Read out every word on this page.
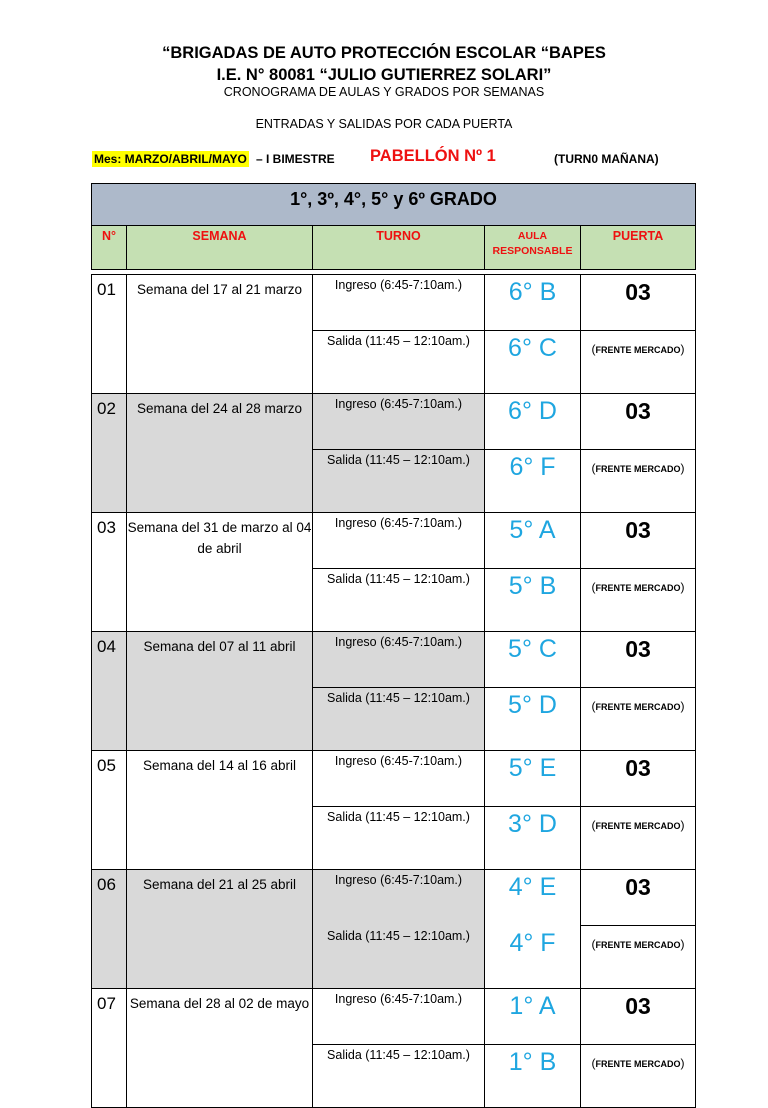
“BRIGADAS DE AUTO PROTECCIÓN ESCOLAR “BAPES
I.E. N° 80081 “JULIO GUTIERREZ SOLARI”
CRONOGRAMA DE AULAS Y GRADOS POR SEMANAS
ENTRADAS Y SALIDAS POR CADA PUERTA
Mes: MARZO/ABRIL/MAYO – I BIMESTRE PABELLÓN Nº 1	(TURN0 MAÑANA)
1°, 3º, 4°, 5° y 6º GRADO				
N°	SEMANA	TURNO	AULA RESPONSABLE	PUERTA

01	Semana del 17 al 21 marzo	Ingreso (6:45-7:10am.)	6° B	03
		Salida (11:45 – 12:10am.)	6° C	(FRENTE MERCADO)
02	Semana del 24 al 28 marzo	Ingreso (6:45-7:10am.)	6° D	03
		Salida (11:45 – 12:10am.)	6° F	(FRENTE MERCADO)
03	Semana del 31 de marzo al 04 de abril	Ingreso (6:45-7:10am.)	5° A	03
		Salida (11:45 – 12:10am.)	5° B	(FRENTE MERCADO)
04	Semana del 07 al 11 abril	Ingreso (6:45-7:10am.)	5° C	03
		Salida (11:45 – 12:10am.)	5° D	(FRENTE MERCADO)
05	Semana del 14 al 16 abril	Ingreso (6:45-7:10am.)	5° E	03
		Salida (11:45 – 12:10am.)	3° D	(FRENTE MERCADO)
06	Semana del 21 al 25 abril	Ingreso (6:45-7:10am.)	4° E	03
		Salida (11:45 – 12:10am.)	4° F	(FRENTE MERCADO)
07	Semana del 28 al 02 de mayo	Ingreso (6:45-7:10am.)	1° A	03
		Salida (11:45 – 12:10am.)	1° B	(FRENTE MERCADO)
